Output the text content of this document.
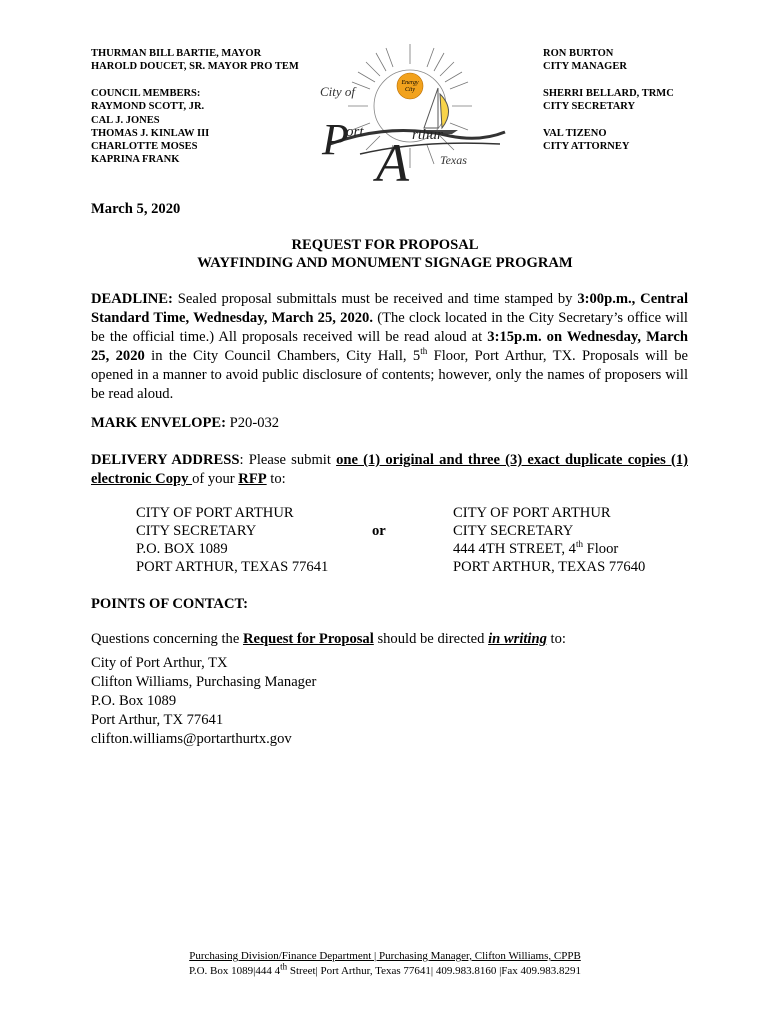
THURMAN BILL BARTIE, MAYOR
HAROLD DOUCET, SR. MAYOR PRO TEM
COUNCIL MEMBERS:
RAYMOND SCOTT, JR.
CAL J. JONES
THOMAS J. KINLAW III
CHARLOTTE MOSES
KAPRINA FRANK
RON BURTON
CITY MANAGER
SHERRI BELLARD, TRMC
CITY SECRETARY
VAL TIZENO
CITY ATTORNEY
Energy
City
City of
P
ort
A rthur
Texas
March 5, 2020
REQUEST FOR PROPOSAL
WAYFINDING AND MONUMENT SIGNAGE PROGRAM
DEADLINE: Sealed proposal submittals must be received and time stamped by 3:00p.m., Central Standard Time, Wednesday, March 25, 2020. (The clock located in the City Secretary’s office will be the official time.) All proposals received will be read aloud at 3:15p.m. on Wednesday, March 25, 2020 in the City Council Chambers, City Hall, 5th Floor, Port Arthur, TX. Proposals will be opened in a manner to avoid public disclosure of contents; however, only the names of proposers will be read aloud.
MARK ENVELOPE: P20-032
DELIVERY ADDRESS: Please submit one (1) original and three (3) exact duplicate copies (1) electronic Copy of your RFP to:
CITY OF PORT ARTHUR
CITY SECRETARY
P.O. BOX 1089
PORT ARTHUR, TEXAS 77641
or
CITY OF PORT ARTHUR
CITY SECRETARY
444 4TH STREET, 4th Floor
PORT ARTHUR, TEXAS 77640
POINTS OF CONTACT:
Questions concerning the Request for Proposal should be directed in writing to:
City of Port Arthur, TX
Clifton Williams, Purchasing Manager
P.O. Box 1089
Port Arthur, TX 77641
clifton.williams@portarthurtx.gov
Purchasing Division/Finance Department | Purchasing Manager, Clifton Williams, CPPB
P.O. Box 1089|444 4th Street| Port Arthur, Texas 77641| 409.983.8160 |Fax 409.983.8291
